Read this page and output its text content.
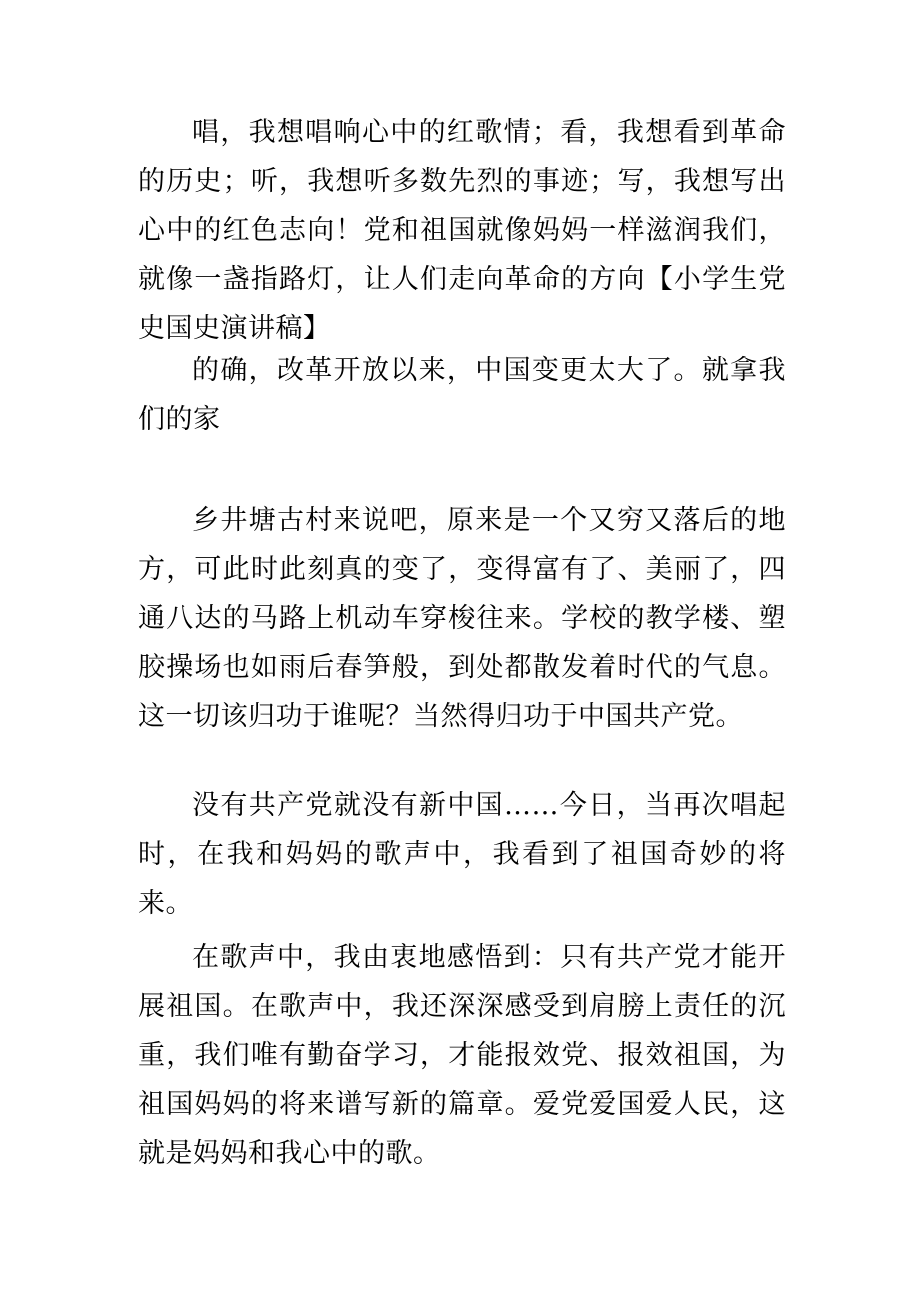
唱，我想唱响心中的红歌情；看，我想看到革命的历史；听，我想听多数先烈的事迹；写，我想写出心中的红色志向！党和祖国就像妈妈一样滋润我们，就像一盏指路灯，让人们走向革命的方向【小学生党史国史演讲稿】

的确，改革开放以来，中国变更太大了。就拿我们的家

乡井塘古村来说吧，原来是一个又穷又落后的地方，可此时此刻真的变了，变得富有了、美丽了，四通八达的马路上机动车穿梭往来。学校的教学楼、塑胶操场也如雨后春笋般，到处都散发着时代的气息。这一切该归功于谁呢？当然得归功于中国共产党。

没有共产党就没有新中国……今日，当再次唱起时，在我和妈妈的歌声中，我看到了祖国奇妙的将来。

在歌声中，我由衷地感悟到：只有共产党才能开展祖国。在歌声中，我还深深感受到肩膀上责任的沉重，我们唯有勤奋学习，才能报效党、报效祖国，为祖国妈妈的将来谱写新的篇章。爱党爱国爱人民，这就是妈妈和我心中的歌。
